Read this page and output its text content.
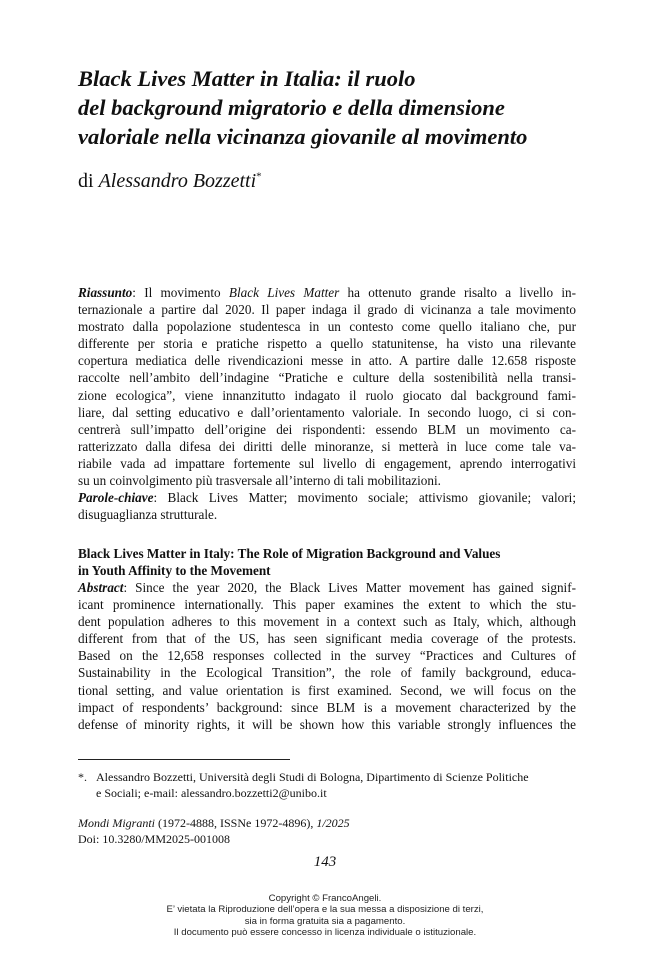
Black Lives Matter in Italia: il ruolo
del background migratorio e della dimensione
valoriale nella vicinanza giovanile al movimento
di Alessandro Bozzetti*
Riassunto: Il movimento Black Lives Matter ha ottenuto grande risalto a livello in-
ternazionale a partire dal 2020. Il paper indaga il grado di vicinanza a tale movimento
mostrato dalla popolazione studentesca in un contesto come quello italiano che, pur
differente per storia e pratiche rispetto a quello statunitense, ha visto una rilevante
copertura mediatica delle rivendicazioni messe in atto. A partire dalle 12.658 risposte
raccolte nell’ambito dell’indagine “Pratiche e culture della sostenibilità nella transi-
zione ecologica”, viene innanzitutto indagato il ruolo giocato dal background fami-
liare, dal setting educativo e dall’orientamento valoriale. In secondo luogo, ci si con-
centrerà sull’impatto dell’origine dei rispondenti: essendo BLM un movimento ca-
ratterizzato dalla difesa dei diritti delle minoranze, si metterà in luce come tale va-
riabile vada ad impattare fortemente sul livello di engagement, aprendo interrogativi
su un coinvolgimento più trasversale all’interno di tali mobilitazioni.
Parole-chiave: Black Lives Matter; movimento sociale; attivismo giovanile; valori;
disuguaglianza strutturale.
Black Lives Matter in Italy: The Role of Migration Background and Values
in Youth Affinity to the Movement
Abstract: Since the year 2020, the Black Lives Matter movement has gained signif-
icant prominence internationally. This paper examines the extent to which the stu-
dent population adheres to this movement in a context such as Italy, which, although
different from that of the US, has seen significant media coverage of the protests.
Based on the 12,658 responses collected in the survey “Practices and Cultures of
Sustainability in the Ecological Transition”, the role of family background, educa-
tional setting, and value orientation is first examined. Second, we will focus on the
impact of respondents’ background: since BLM is a movement characterized by the
defense of minority rights, it will be shown how this variable strongly influences the
*. Alessandro Bozzetti, Università degli Studi di Bologna, Dipartimento di Scienze Politiche
e Sociali; e-mail: alessandro.bozzetti2@unibo.it
Mondi Migranti (1972-4888, ISSNe 1972-4896), 1/2025
Doi: 10.3280/MM2025-001008
143
Copyright © FrancoAngeli.
E’ vietata la Riproduzione dell’opera e la sua messa a disposizione di terzi,
sia in forma gratuita sia a pagamento.
Il documento può essere concesso in licenza individuale o istituzionale.
